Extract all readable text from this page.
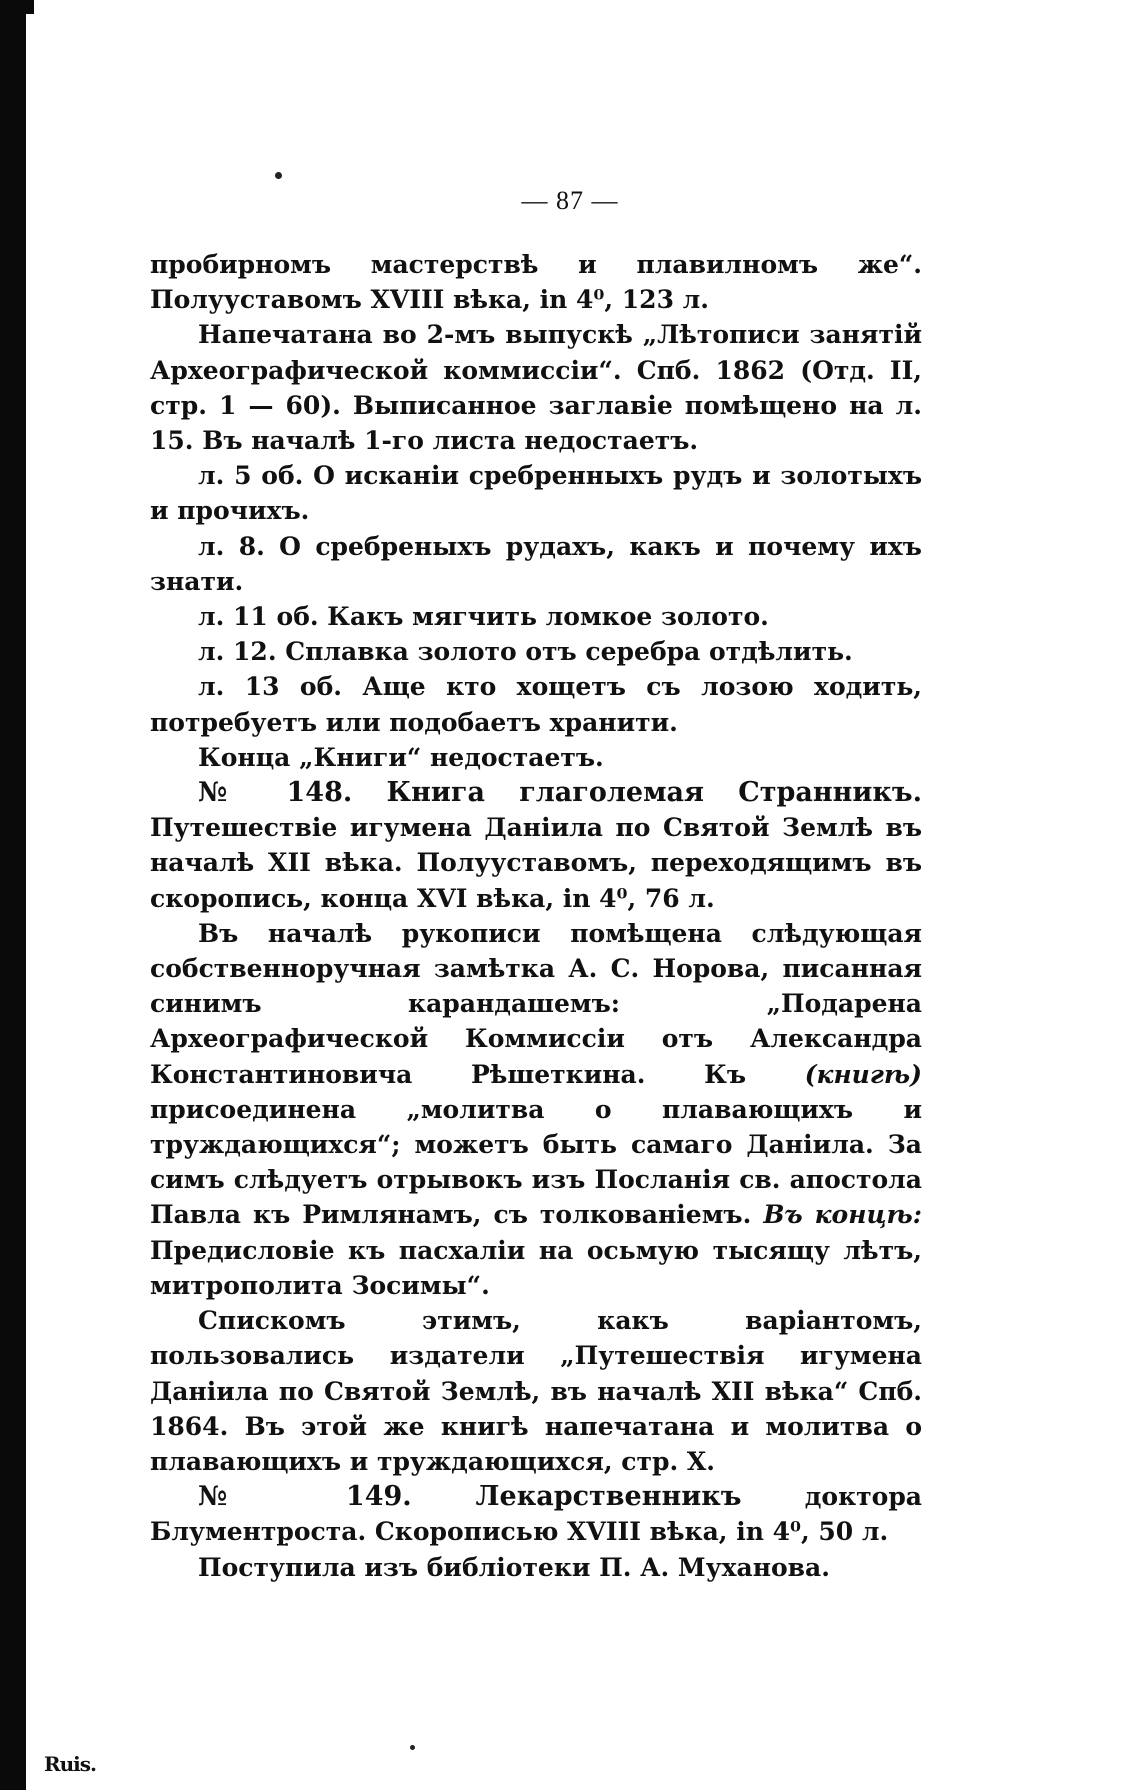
— 87 —

пробирномъ мастерствѣ и плавилномъ же“. Полууставомъ XVIII вѣка, in 4⁰, 123 л.

Напечатана во 2-мъ выпускѣ „Лѣтописи занятій Археографической коммиссіи“. Спб. 1862 (Отд. II, стр. 1 — 60). Выписанное заглавіе помѣщено на л. 15. Въ началѣ 1-го листа недостаетъ.

л. 5 об. О исканіи сребренныхъ рудъ и золотыхъ и прочихъ.

л. 8. О сребреныхъ рудахъ, какъ и почему ихъ знати.

л. 11 об. Какъ мягчить ломкое золото.

л. 12. Сплавка золото отъ серебра отдѣлить.

л. 13 об. Аще кто хощетъ съ лозою ходить, потребуетъ или подобаетъ хранити.

Конца „Книги“ недостаетъ.

№ 148. Книга глаголемая Странникъ. Путешествіе игумена Даніила по Святой Землѣ въ началѣ XII вѣка. Полууставомъ, переходящимъ въ скоропись, конца XVI вѣка, in 4⁰, 76 л.

Въ началѣ рукописи помѣщена слѣдующая собственноручная замѣтка А. С. Норова, писанная синимъ карандашемъ: „Подарена Археографической Коммиссіи отъ Александра Константиновича Рѣшеткина. Къ (книгѣ) присоединена „молитва о плавающихъ и труждающихся“; можетъ быть самаго Даніила. За симъ слѣдуетъ отрывокъ изъ Посланія св. апостола Павла къ Римлянамъ, съ толкованіемъ. Въ концѣ: Предисловіе къ пасхаліи на осьмую тысящу лѣтъ, митрополита Зосимы“.

Спискомъ этимъ, какъ варіантомъ, пользовались издатели „Путешествія игумена Даніила по Святой Землѣ, въ началѣ XII вѣка“ Спб. 1864. Въ этой же книгѣ напечатана и молитва о плавающихъ и труждающихся, стр. X.

№ 149. Лекарственникъ доктора Блументроста. Скорописью XVIII вѣка, in 4⁰, 50 л.

Поступила изъ библіотеки П. А. Муханова.

Ruis.
